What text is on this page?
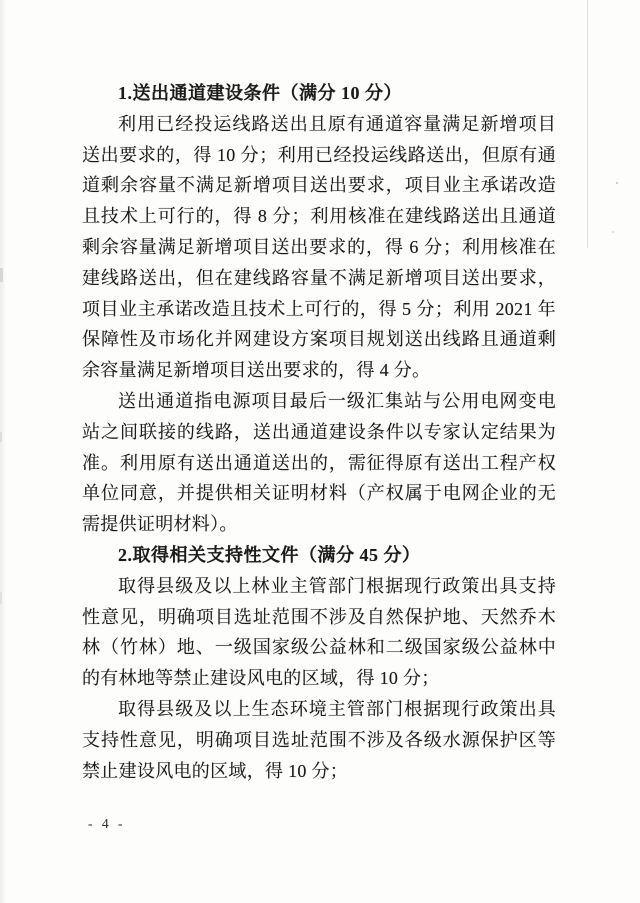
1.送出通道建设条件（满分 10 分）

利用已经投运线路送出且原有通道容量满足新增项目送出要求的，得 10 分；利用已经投运线路送出，但原有通道剩余容量不满足新增项目送出要求，项目业主承诺改造且技术上可行的，得 8 分；利用核准在建线路送出且通道剩余容量满足新增项目送出要求的，得 6 分；利用核准在建线路送出，但在建线路容量不满足新增项目送出要求，项目业主承诺改造且技术上可行的，得 5 分；利用 2021 年保障性及市场化并网建设方案项目规划送出线路且通道剩余容量满足新增项目送出要求的，得 4 分。

送出通道指电源项目最后一级汇集站与公用电网变电站之间联接的线路，送出通道建设条件以专家认定结果为准。利用原有送出通道送出的，需征得原有送出工程产权单位同意，并提供相关证明材料（产权属于电网企业的无需提供证明材料）。

2.取得相关支持性文件（满分 45 分）

取得县级及以上林业主管部门根据现行政策出具支持性意见，明确项目选址范围不涉及自然保护地、天然乔木林（竹林）地、一级国家级公益林和二级国家级公益林中的有林地等禁止建设风电的区域，得 10 分；

取得县级及以上生态环境主管部门根据现行政策出具支持性意见，明确项目选址范围不涉及各级水源保护区等禁止建设风电的区域，得 10 分；

- 4 -
